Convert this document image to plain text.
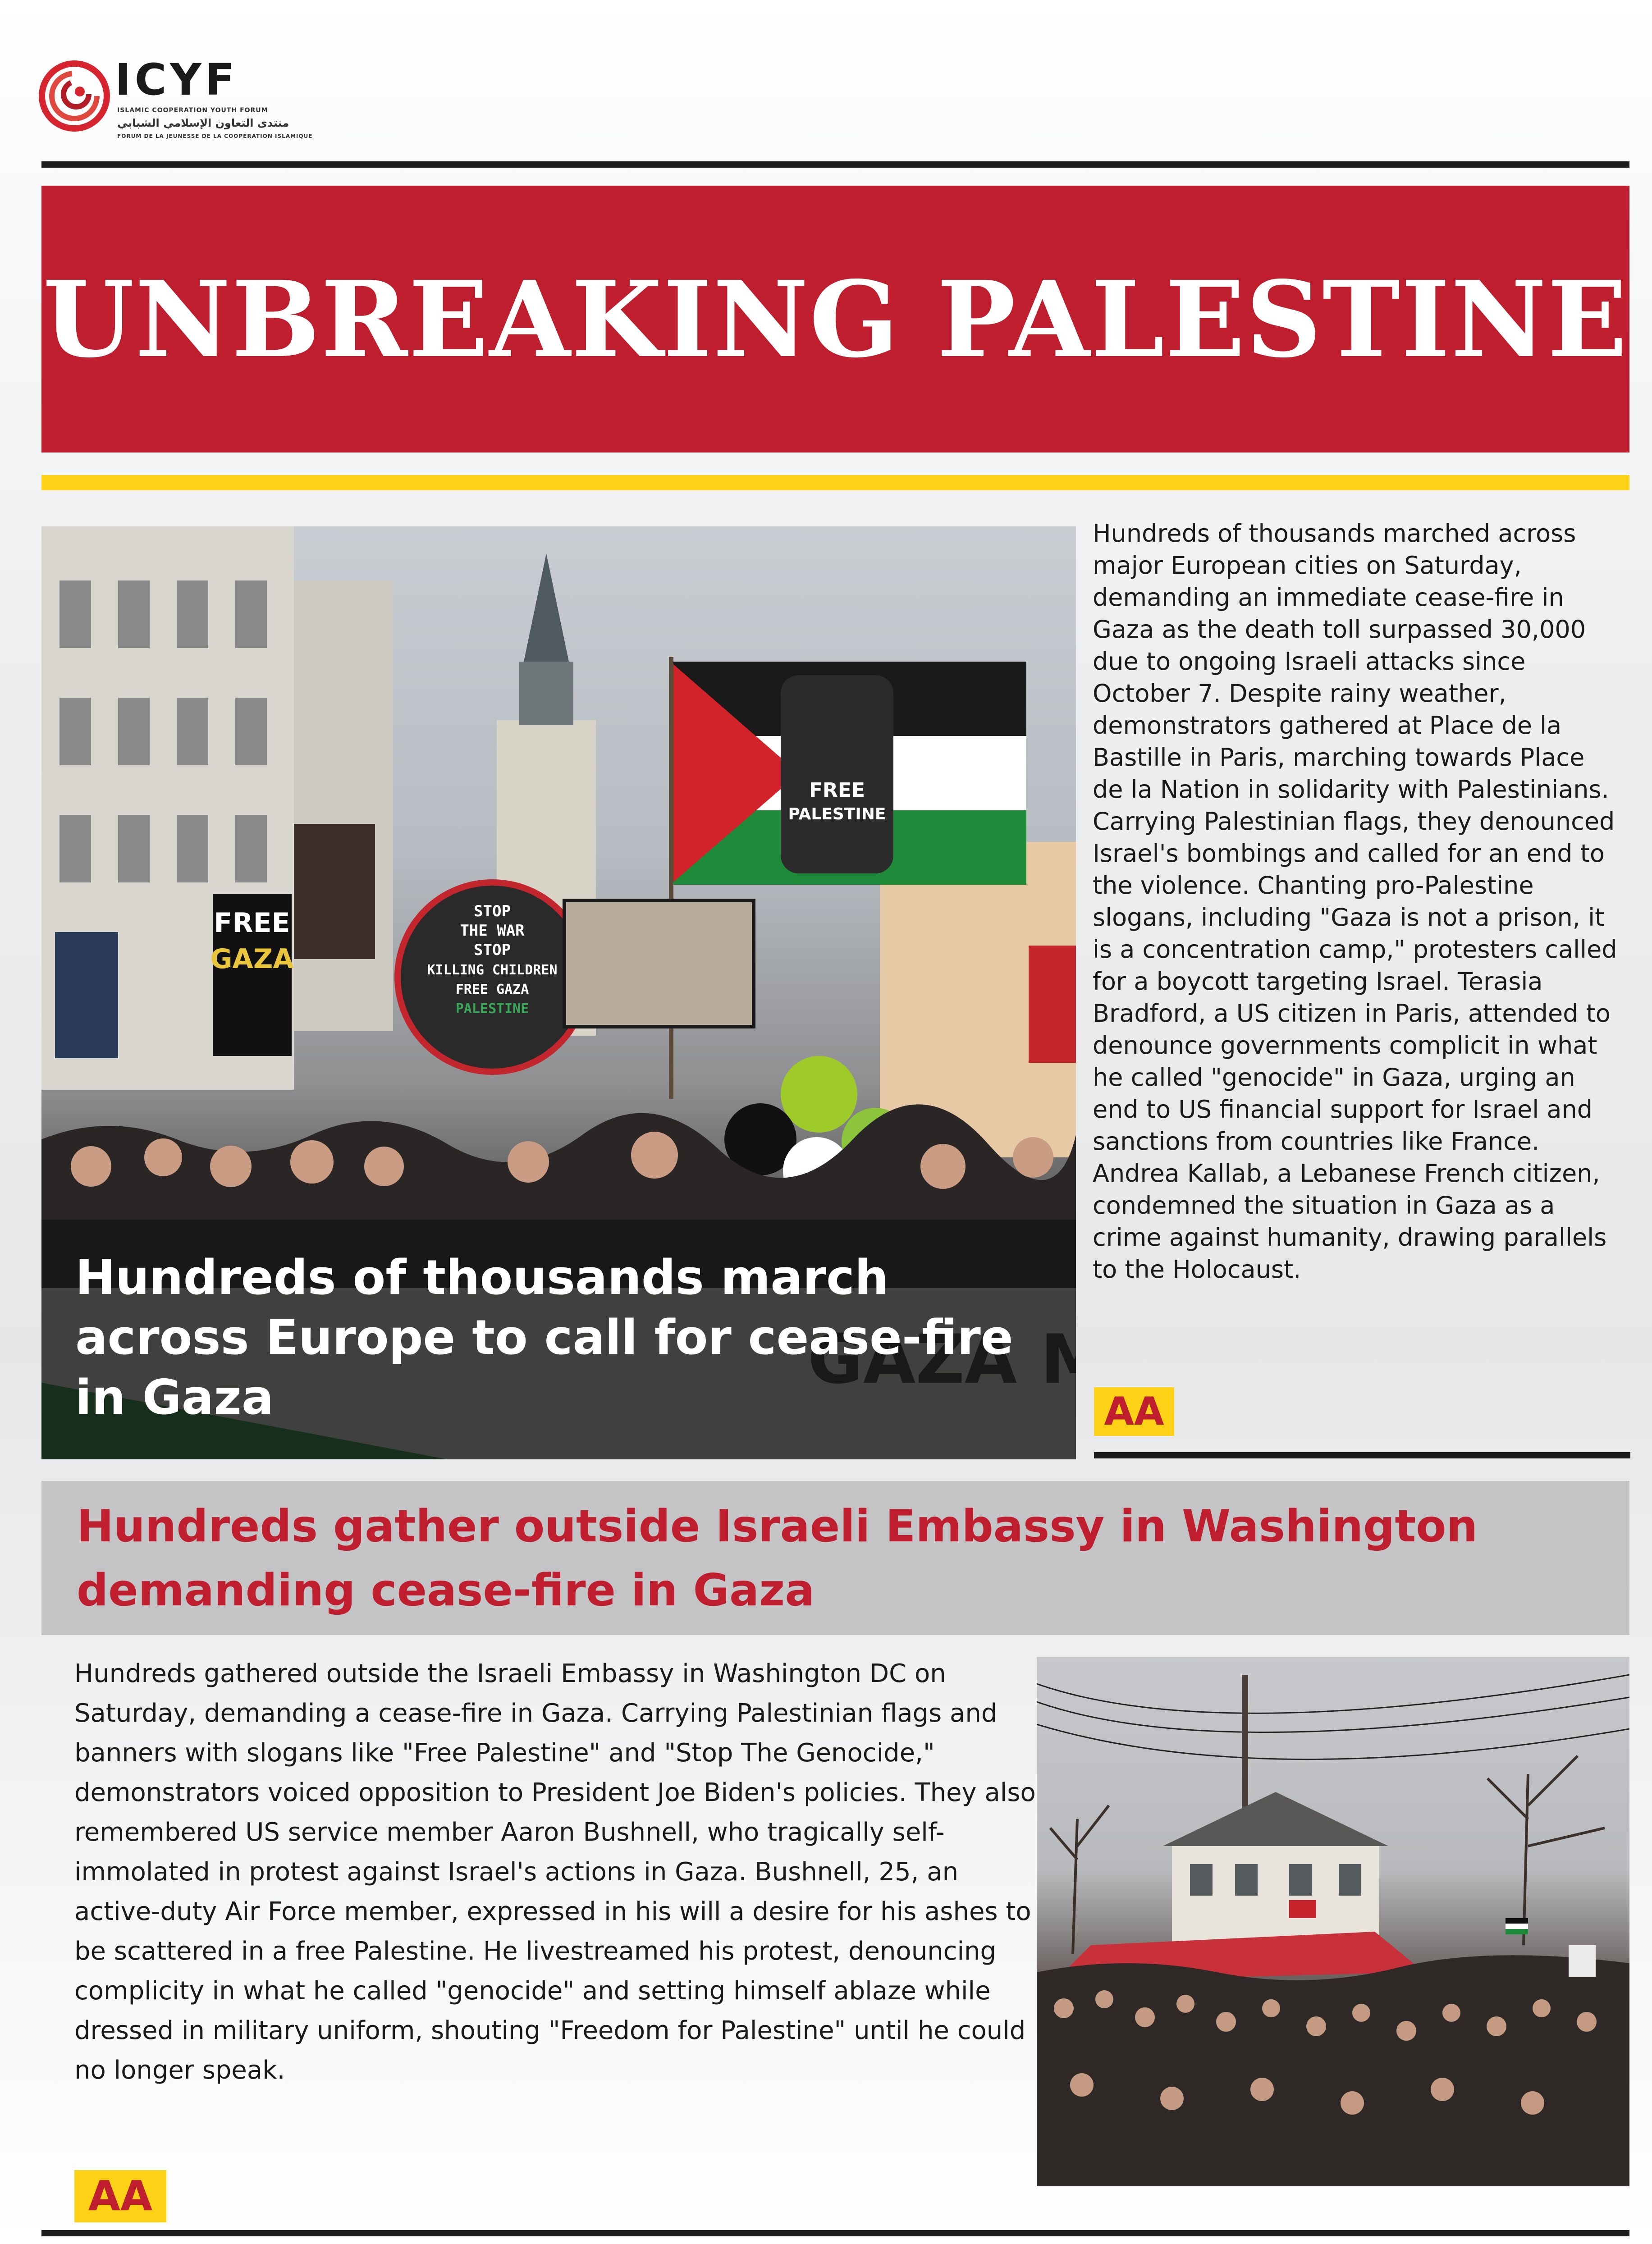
ICYF
ISLAMIC COOPERATION YOUTH FORUM
منتدى التعاون الإسلامي الشبابي
FORUM DE LA JEUNESSE DE LA COOPÉRATION ISLAMIQUE
UNBREAKING PALESTINE
FREE
PALESTINE
FREE
GAZA
STOP
THE WAR
STOP
KILLING CHILDREN
FREE GAZA
PALESTINE
Hundreds of thousands march across Europe to call for cease-fire in Gaza

Hundreds of thousands marched across major European cities on Saturday, demanding an immediate cease-fire in Gaza as the death toll surpassed 30,000 due to ongoing Israeli attacks since October 7. Despite rainy weather, demonstrators gathered at Place de la Bastille in Paris, marching towards Place de la Nation in solidarity with Palestinians. Carrying Palestinian flags, they denounced Israel's bombings and called for an end to the violence. Chanting pro-Palestine slogans, including "Gaza is not a prison, it is a concentration camp," protesters called for a boycott targeting Israel. Terasia Bradford, a US citizen in Paris, attended to denounce governments complicit in what he called "genocide" in Gaza, urging an end to US financial support for Israel and sanctions from countries like France. Andrea Kallab, a Lebanese French citizen, condemned the situation in Gaza as a crime against humanity, drawing parallels to the Holocaust.

AA
Hundreds gather outside Israeli Embassy in Washington demanding cease-fire in Gaza

Hundreds gathered outside the Israeli Embassy in Washington DC on Saturday, demanding a cease-fire in Gaza. Carrying Palestinian flags and banners with slogans like "Free Palestine" and "Stop The Genocide," demonstrators voiced opposition to President Joe Biden's policies. They also remembered US service member Aaron Bushnell, who tragically self-immolated in protest against Israel's actions in Gaza. Bushnell, 25, an active-duty Air Force member, expressed in his will a desire for his ashes to be scattered in a free Palestine. He livestreamed his protest, denouncing complicity in what he called "genocide" and setting himself ablaze while dressed in military uniform, shouting "Freedom for Palestine" until he could no longer speak.

AA
